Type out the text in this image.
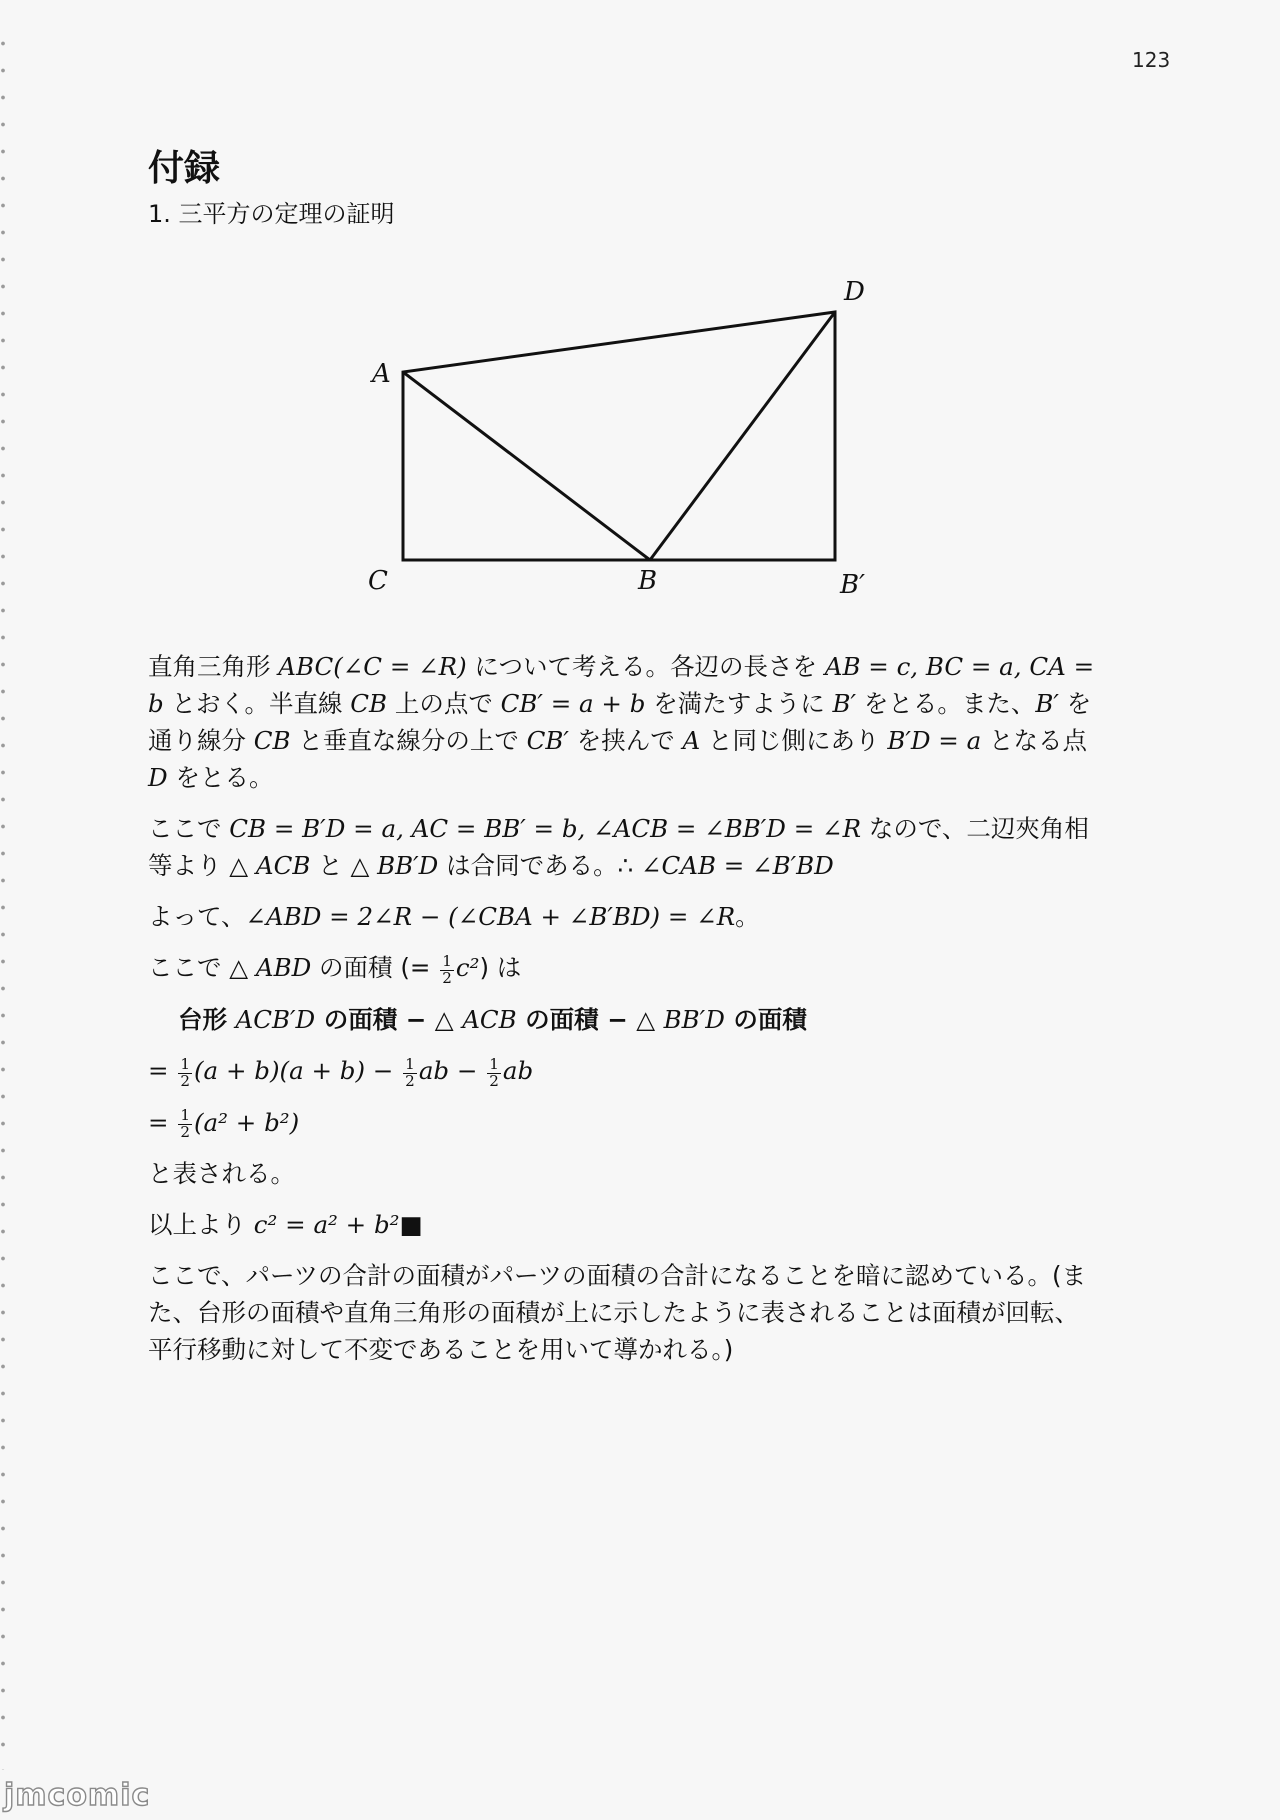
123
付録
1. 三平方の定理の証明
A
D
C	B	B′

直角三角形 ABC(∠C = ∠R) について考える。各辺の長さを AB = c, BC = a, CA = b とおく。半直線 CB 上の点で CB′ = a + b を満たすように B′ をとる。また、B′ を通り線分 CB と垂直な線分の上で CB′ を挟んで A と同じ側にあり B′D = a となる点 D をとる。

ここで CB = B′D = a, AC = BB′ = b, ∠ACB = ∠BB′D = ∠R なので、二辺夾角相等より △ ACB と △ BB′D は合同である。∴ ∠CAB = ∠B′BD

よって、∠ABD = 2∠R − (∠CBA + ∠B′BD) = ∠R。

ここで △ ABD の面積 (= $\frac{1}{2} c^2$) は

台形 ACB′D の面積 − △ ACB の面積 − △ BB′D の面積

= $\frac{1}{2} (a + b)(a + b) - \frac{1}{2}$ ab − $\frac{1}{2}$ ab

= $\frac{1}{2} (a^2 + b^2)$

と表される。

以上より c² = a² + b²■

ここで、パーツの合計の面積がパーツの面積の合計になることを暗に認めている。(また、台形の面積や直角三角形の面積が上に示したように表されることは面積が回転、平行移動に対して不変であることを用いて導かれる。)

jmcomic
